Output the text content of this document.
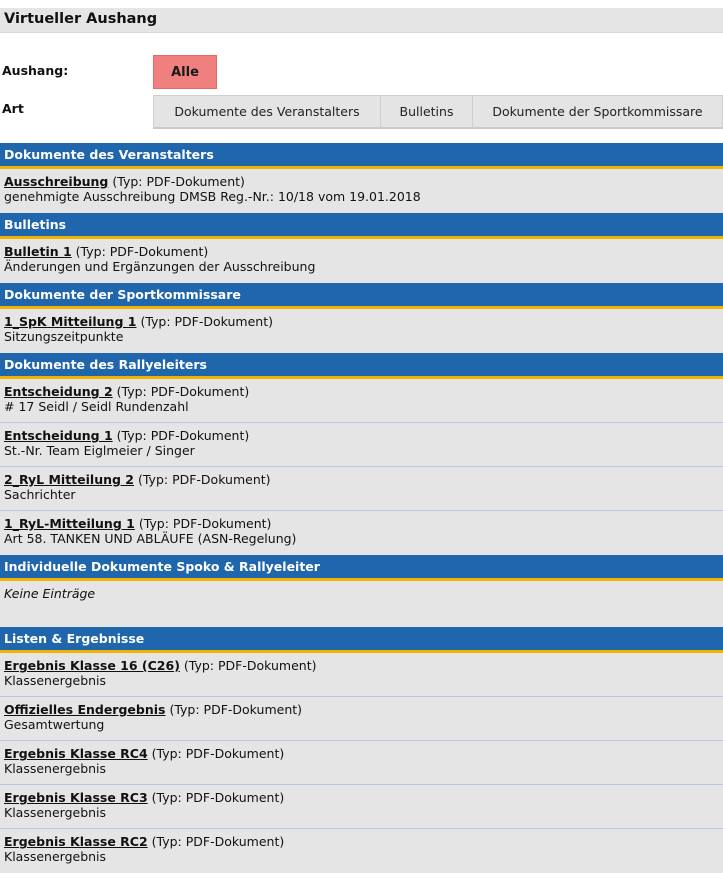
Virtueller Aushang
Aushang:	Alle
Art	Dokumente des Veranstalters	Bulletins	Dokumente der Sportkommissare
Dokumente des Veranstalters
Ausschreibung (Typ: PDF-Dokument)
genehmigte Ausschreibung DMSB Reg.-Nr.: 10/18 vom 19.01.2018
Bulletins
Bulletin 1 (Typ: PDF-Dokument)
Änderungen und Ergänzungen der Ausschreibung
Dokumente der Sportkommissare
1_SpK Mitteilung 1 (Typ: PDF-Dokument)
Sitzungszeitpunkte
Dokumente des Rallyeleiters
Entscheidung 2 (Typ: PDF-Dokument)
# 17 Seidl / Seidl Rundenzahl
Entscheidung 1 (Typ: PDF-Dokument)
St.-Nr. Team Eiglmeier / Singer
2_RyL Mitteilung 2 (Typ: PDF-Dokument)
Sachrichter
1_RyL-Mitteilung 1 (Typ: PDF-Dokument)
Art 58. TANKEN UND ABLÄUFE (ASN-Regelung)
Individuelle Dokumente Spoko & Rallyeleiter
Keine Einträge
Listen & Ergebnisse
Ergebnis Klasse 16 (C26) (Typ: PDF-Dokument)
Klassenergebnis
Offizielles Endergebnis (Typ: PDF-Dokument)
Gesamtwertung
Ergebnis Klasse RC4 (Typ: PDF-Dokument)
Klassenergebnis
Ergebnis Klasse RC3 (Typ: PDF-Dokument)
Klassenergebnis
Ergebnis Klasse RC2 (Typ: PDF-Dokument)
Klassenergebnis
